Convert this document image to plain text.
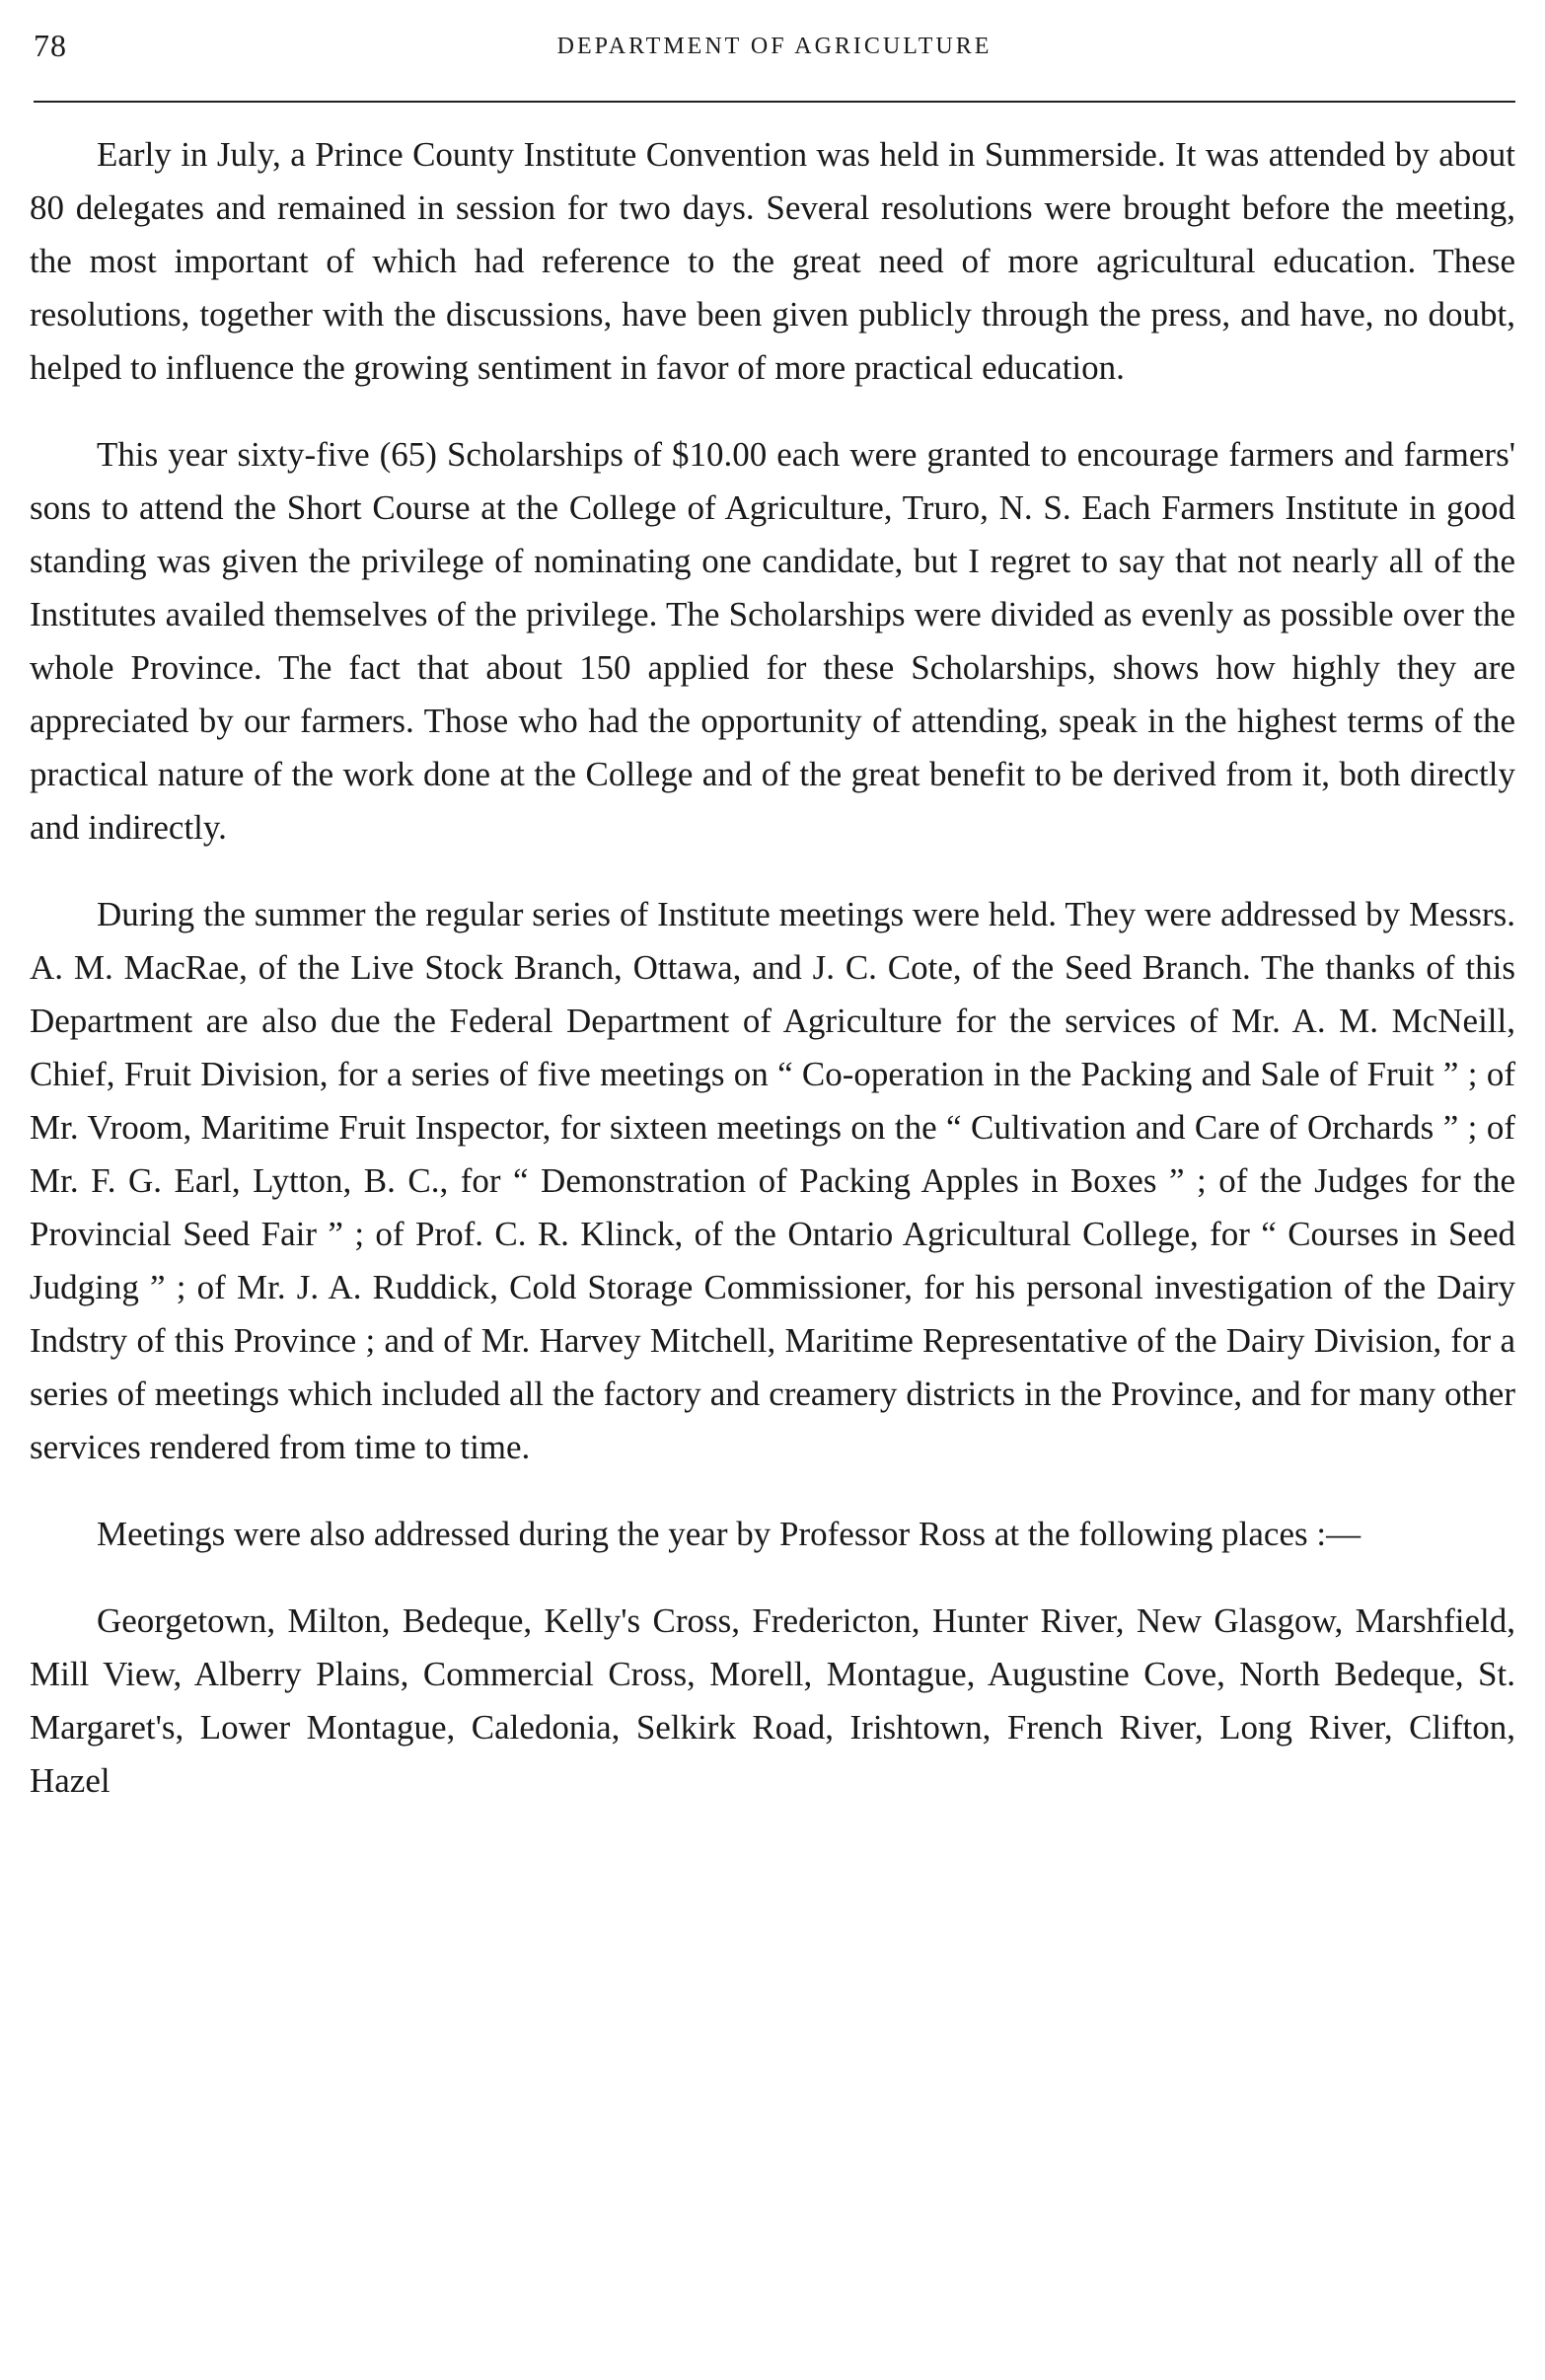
78	DEPARTMENT OF AGRICULTURE

Early in July, a Prince County Institute Convention was held in Summerside. It was attended by about 80 delegates and remained in session for two days. Several resolutions were brought before the meeting, the most important of which had reference to the great need of more agricultural education. These resolutions, together with the discussions, have been given publicly through the press, and have, no doubt, helped to influence the growing sentiment in favor of more practical education.

This year sixty-five (65) Scholarships of $10.00 each were granted to encourage farmers and farmers' sons to attend the Short Course at the College of Agriculture, Truro, N. S. Each Farmers Institute in good standing was given the privilege of nominating one candidate, but I regret to say that not nearly all of the Institutes availed themselves of the privilege. The Scholarships were divided as evenly as possible over the whole Province. The fact that about 150 applied for these Scholarships, shows how highly they are appreciated by our farmers. Those who had the opportunity of attending, speak in the highest terms of the practical nature of the work done at the College and of the great benefit to be derived from it, both directly and indirectly.

During the summer the regular series of Institute meetings were held. They were addressed by Messrs. A. M. MacRae, of the Live Stock Branch, Ottawa, and J. C. Cote, of the Seed Branch. The thanks of this Department are also due the Federal Department of Agriculture for the services of Mr. A. M. McNeill, Chief, Fruit Division, for a series of five meetings on “ Co-operation in the Packing and Sale of Fruit ” ; of Mr. Vroom, Maritime Fruit Inspector, for sixteen meetings on the “ Cultivation and Care of Orchards ” ; of Mr. F. G. Earl, Lytton, B. C., for “ Demonstration of Packing Apples in Boxes ” ; of the Judges for the Provincial Seed Fair ” ; of Prof. C. R. Klinck, of the Ontario Agricultural College, for “ Courses in Seed Judging ” ; of Mr. J. A. Ruddick, Cold Storage Commissioner, for his personal investigation of the Dairy Indstry of this Province ; and of Mr. Harvey Mitchell, Maritime Representative of the Dairy Division, for a series of meetings which included all the factory and creamery districts in the Province, and for many other services rendered from time to time.

Meetings were also addressed during the year by Professor Ross at the following places :—

Georgetown, Milton, Bedeque, Kelly's Cross, Fredericton, Hunter River, New Glasgow, Marshfield, Mill View, Alberry Plains, Commercial Cross, Morell, Montague, Augustine Cove, North Bedeque, St. Margaret's, Lower Montague, Caledonia, Selkirk Road, Irishtown, French River, Long River, Clifton, Hazel
